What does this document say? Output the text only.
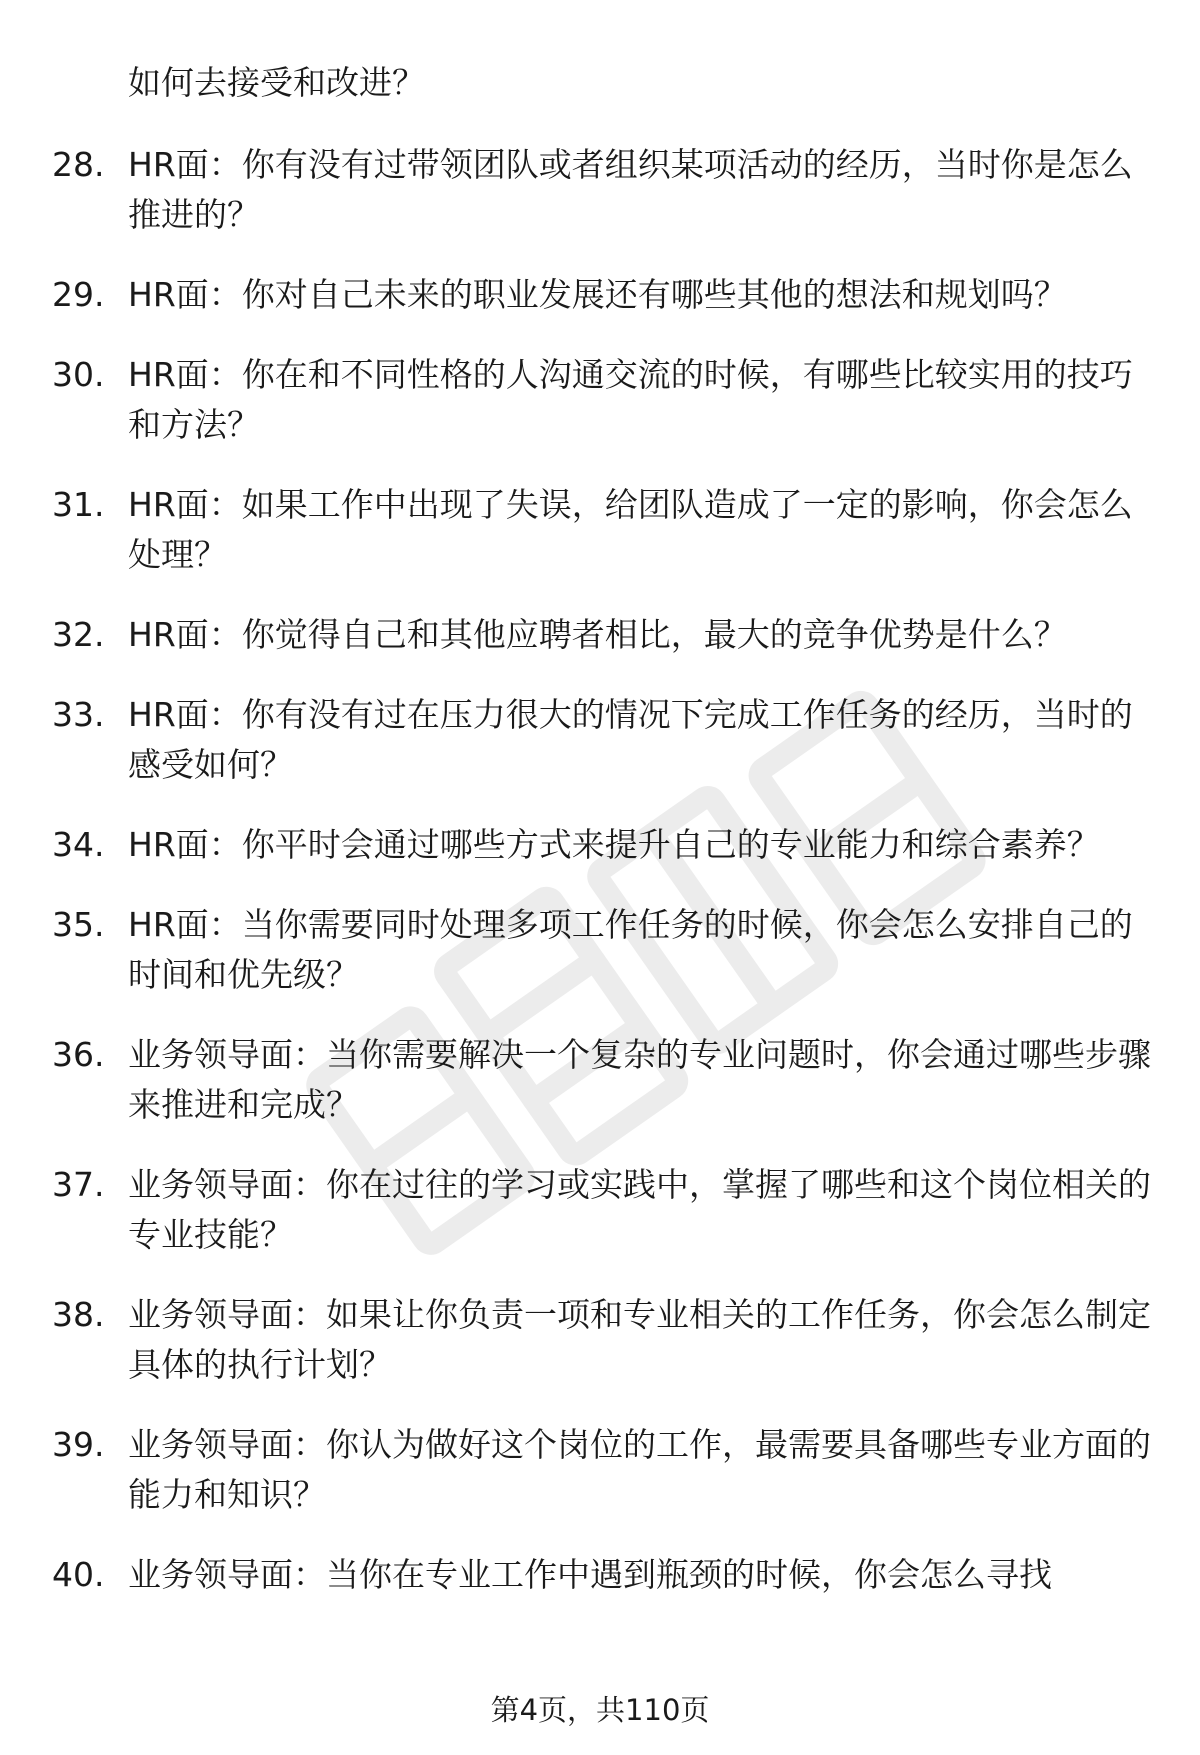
如何去接受和改进？

28. HR面：你有没有过带领团队或者组织某项活动的经历，当时你是怎么推进的？
29. HR面：你对自己未来的职业发展还有哪些其他的想法和规划吗？
30. HR面：你在和不同性格的人沟通交流的时候，有哪些比较实用的技巧和方法？
31. HR面：如果工作中出现了失误，给团队造成了一定的影响，你会怎么处理？
32. HR面：你觉得自己和其他应聘者相比，最大的竞争优势是什么？
33. HR面：你有没有过在压力很大的情况下完成工作任务的经历，当时的感受如何？
34. HR面：你平时会通过哪些方式来提升自己的专业能力和综合素养？
35. HR面：当你需要同时处理多项工作任务的时候，你会怎么安排自己的时间和优先级？
36. 业务领导面：当你需要解决一个复杂的专业问题时，你会通过哪些步骤来推进和完成？
37. 业务领导面：你在过往的学习或实践中，掌握了哪些和这个岗位相关的专业技能？
38. 业务领导面：如果让你负责一项和专业相关的工作任务，你会怎么制定具体的执行计划？
39. 业务领导面：你认为做好这个岗位的工作，最需要具备哪些专业方面的能力和知识？
40. 业务领导面：当你在专业工作中遇到瓶颈的时候，你会怎么寻找
第4页，共110页
